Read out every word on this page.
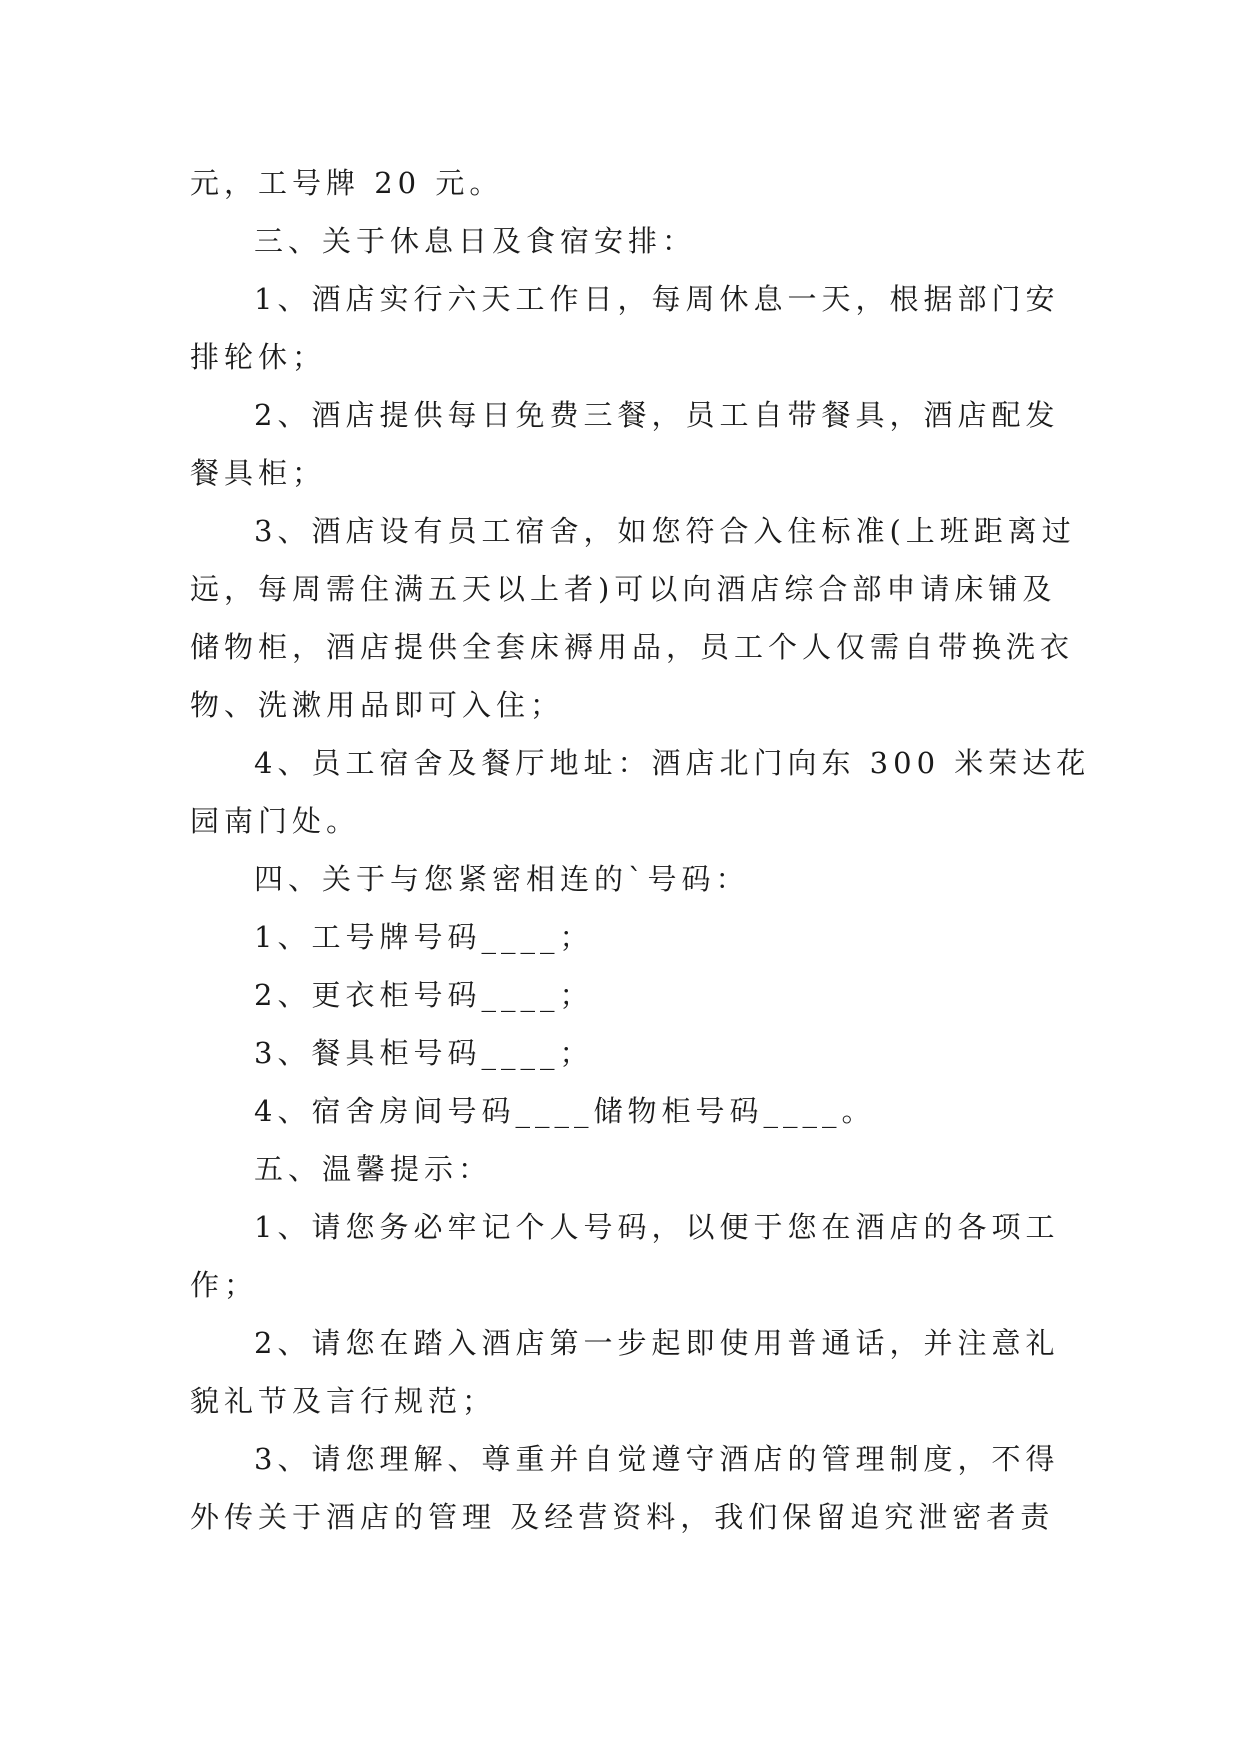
元，工号牌 20 元。
三、关于休息日及食宿安排：
1、酒店实行六天工作日，每周休息一天，根据部门安
排轮休；
2、酒店提供每日免费三餐，员工自带餐具，酒店配发
餐具柜；
3、酒店设有员工宿舍，如您符合入住标准(上班距离过
远，每周需住满五天以上者)可以向酒店综合部申请床铺及
储物柜，酒店提供全套床褥用品，员工个人仅需自带换洗衣
物、洗漱用品即可入住；
4、员工宿舍及餐厅地址：酒店北门向东 300 米荣达花
园南门处。
四、关于与您紧密相连的`号码：
1、工号牌号码____；
2、更衣柜号码____；
3、餐具柜号码____；
4、宿舍房间号码____储物柜号码____。
五、温馨提示：
1、请您务必牢记个人号码，以便于您在酒店的各项工
作；
2、请您在踏入酒店第一步起即使用普通话，并注意礼
貌礼节及言行规范；
3、请您理解、尊重并自觉遵守酒店的管理制度，不得
外传关于酒店的管理 及经营资料，我们保留追究泄密者责
